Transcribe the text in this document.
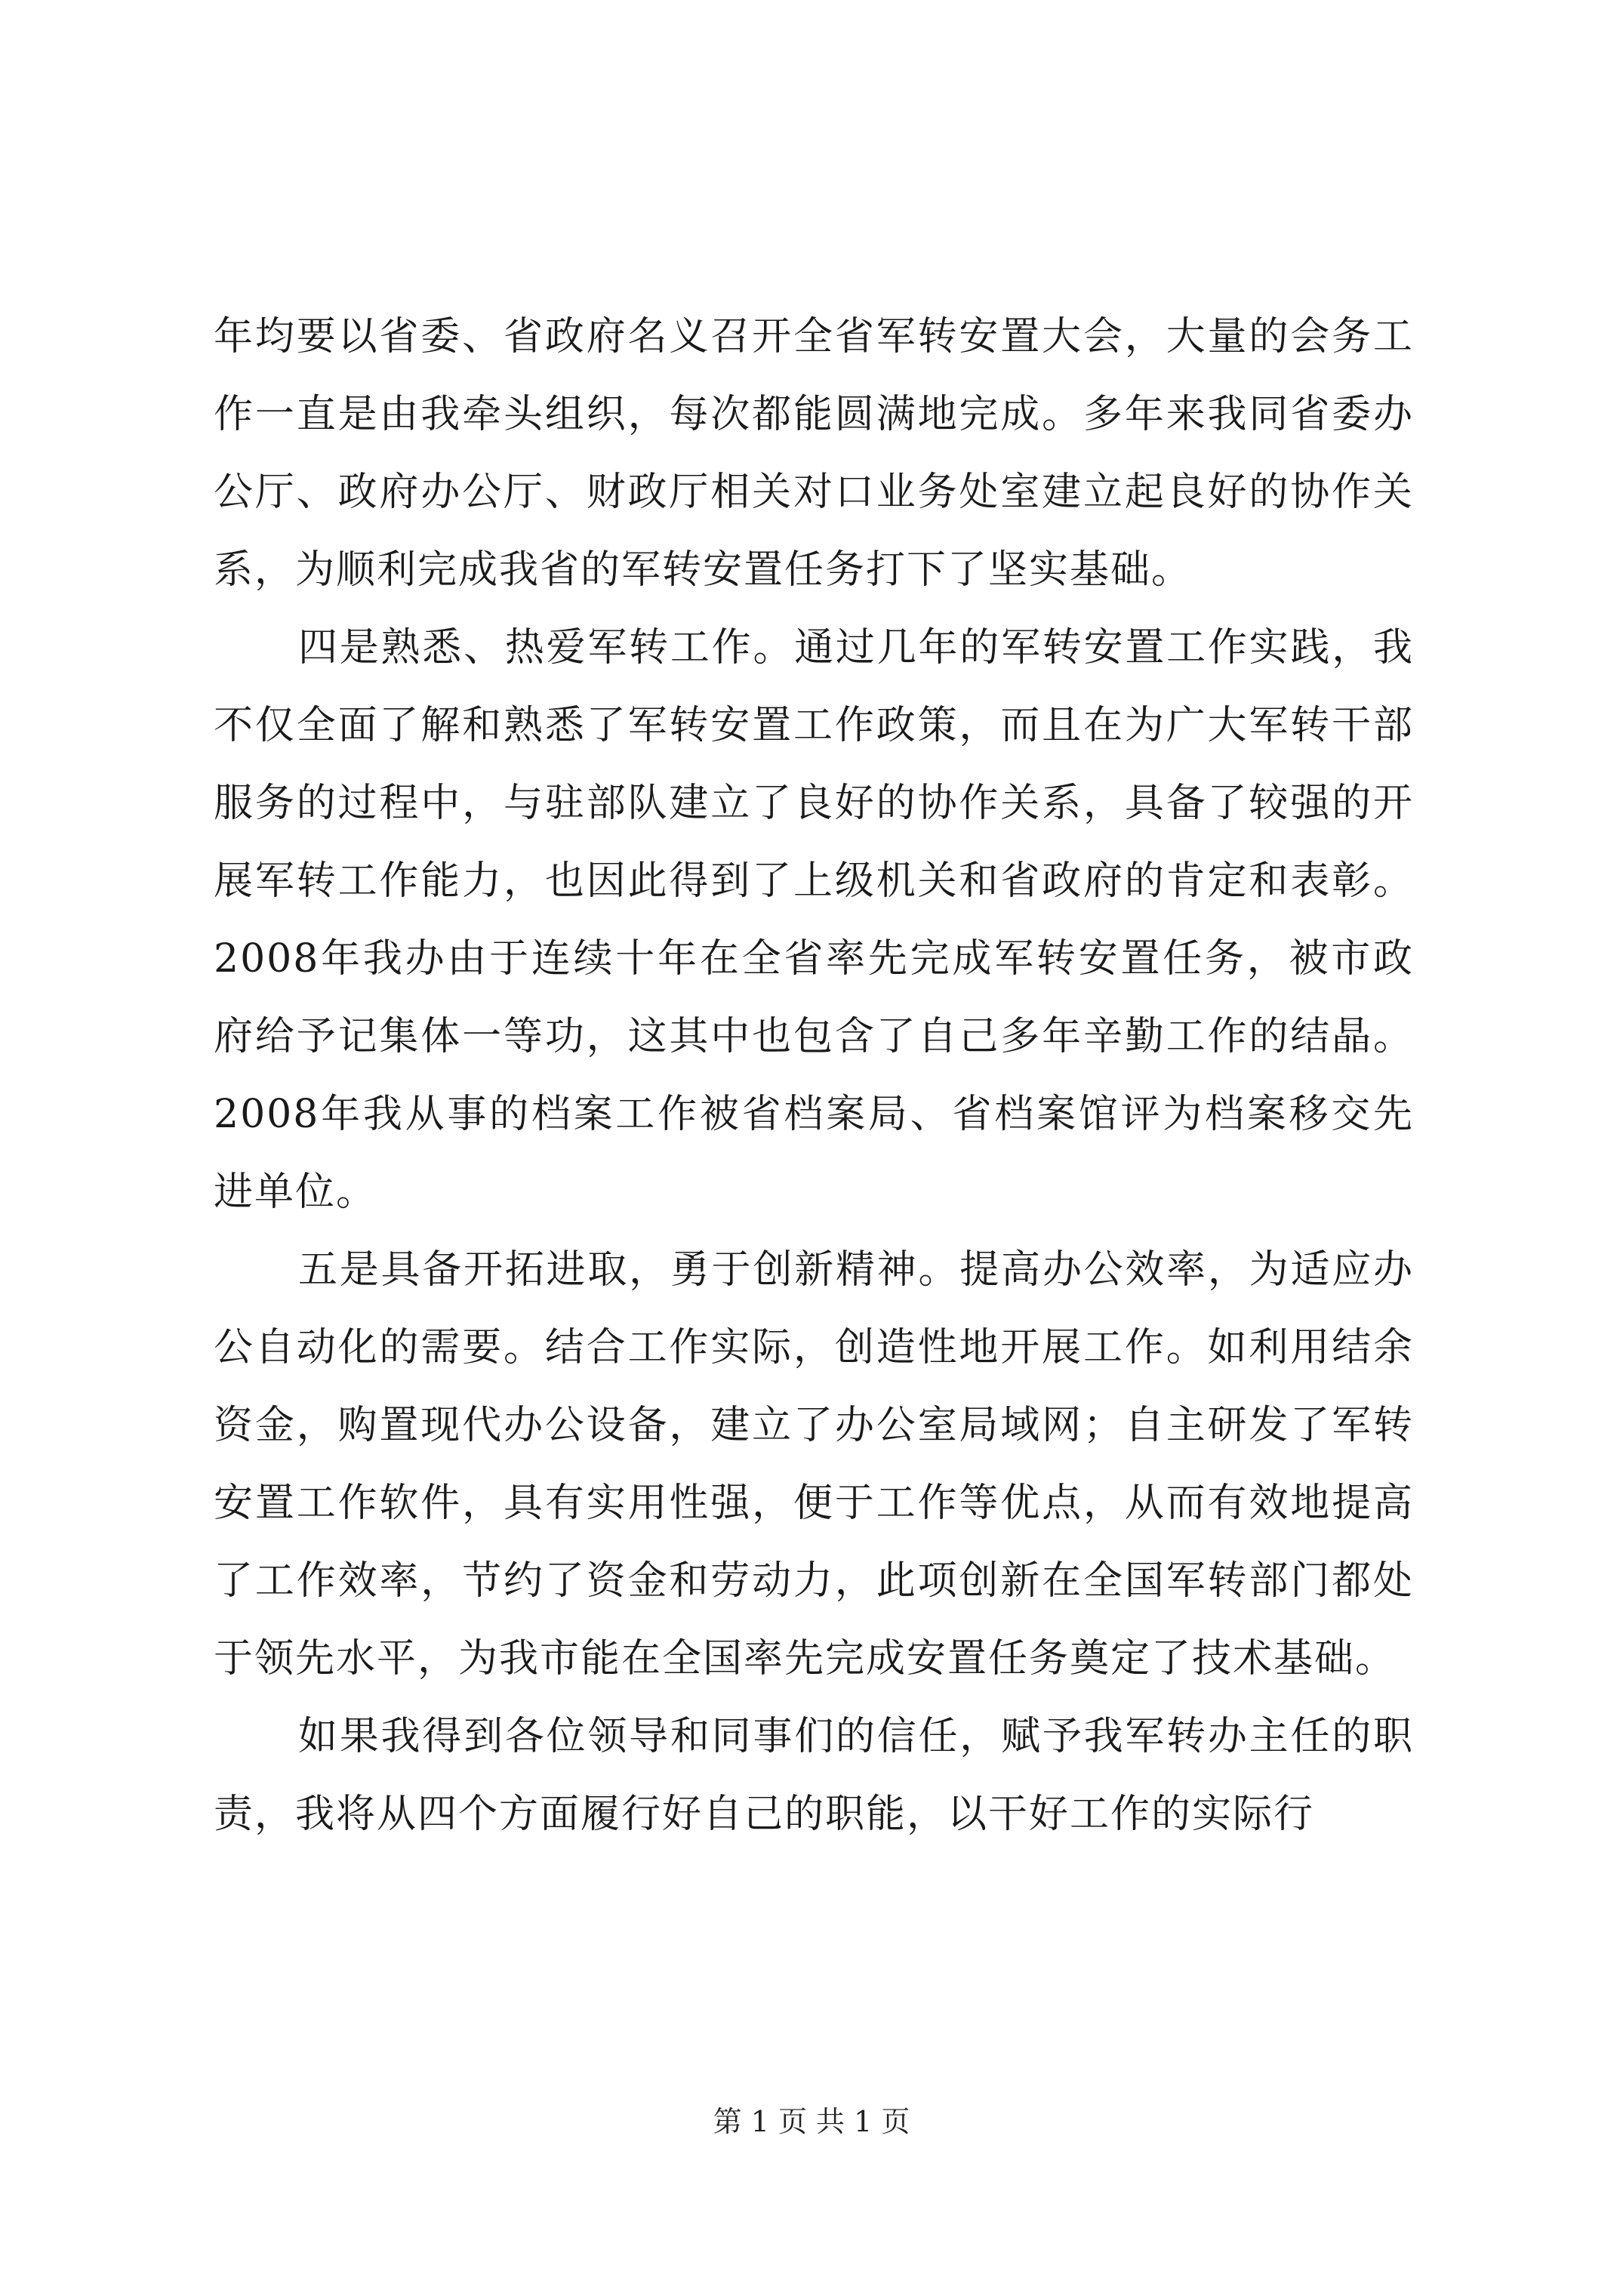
年均要以省委、省政府名义召开全省军转安置大会，大量的会务工作一直是由我牵头组织，每次都能圆满地完成。多年来我同省委办公厅、政府办公厅、财政厅相关对口业务处室建立起良好的协作关系，为顺利完成我省的军转安置任务打下了坚实基础。

四是熟悉、热爱军转工作。通过几年的军转安置工作实践，我不仅全面了解和熟悉了军转安置工作政策，而且在为广大军转干部服务的过程中，与驻部队建立了良好的协作关系，具备了较强的开展军转工作能力，也因此得到了上级机关和省政府的肯定和表彰。2008年我办由于连续十年在全省率先完成军转安置任务，被市政府给予记集体一等功，这其中也包含了自己多年辛勤工作的结晶。2008年我从事的档案工作被省档案局、省档案馆评为档案移交先进单位。

五是具备开拓进取，勇于创新精神。提高办公效率，为适应办公自动化的需要。结合工作实际，创造性地开展工作。如利用结余资金，购置现代办公设备，建立了办公室局域网；自主研发了军转安置工作软件，具有实用性强，便于工作等优点，从而有效地提高了工作效率，节约了资金和劳动力，此项创新在全国军转部门都处于领先水平，为我市能在全国率先完成安置任务奠定了技术基础。

如果我得到各位领导和同事们的信任，赋予我军转办主任的职责，我将从四个方面履行好自己的职能，以干好工作的实际行

第 1 页 共 1 页
